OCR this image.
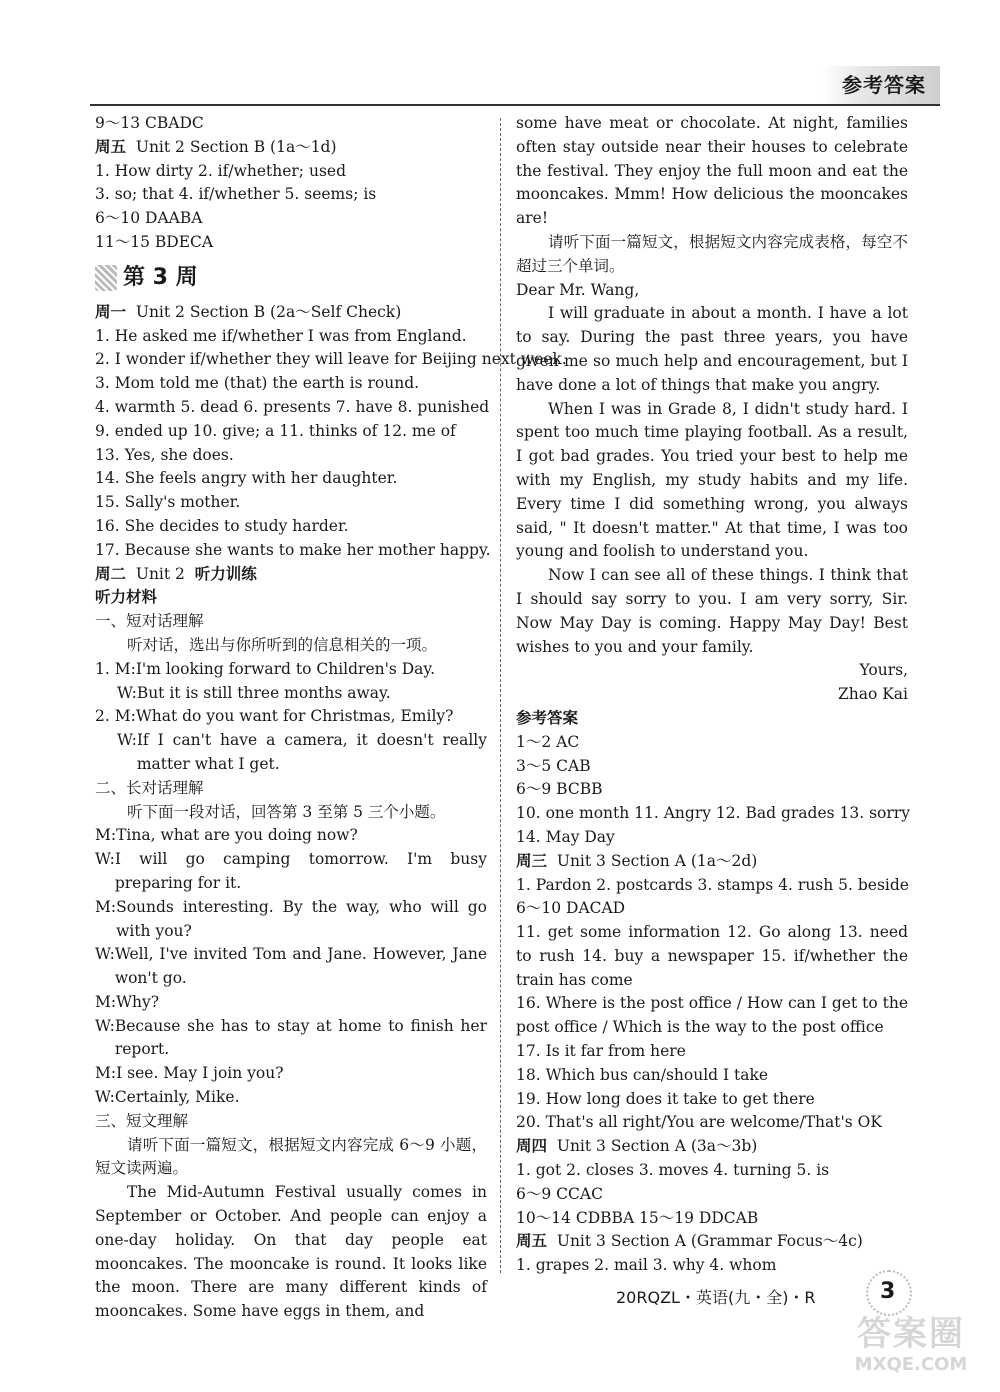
参考答案
9～13 CBADC
周五 Unit 2 Section B (1a～1d)
1. How dirty 2. if/whether; used
3. so; that 4. if/whether 5. seems; is
6～10 DAABA
11～15 BDECA
第 3 周
周一 Unit 2 Section B (2a～Self Check)
1. He asked me if/whether I was from England.
2. I wonder if/whether they will leave for Beijing next week.
3. Mom told me (that) the earth is round.
4. warmth 5. dead 6. presents 7. have 8. punished
9. ended up 10. give; a 11. thinks of 12. me of
13. Yes, she does.
14. She feels angry with her daughter.
15. Sally's mother.
16. She decides to study harder.
17. Because she wants to make her mother happy.
周二 Unit 2 听力训练
听力材料
一、短对话理解
听对话，选出与你所听到的信息相关的一项。
1. M: I'm looking forward to Children's Day.
W: But it is still three months away.
2. M: What do you want for Christmas, Emily?
W: If I can't have a camera, it doesn't really matter what I get.
二、长对话理解
听下面一段对话，回答第 3 至第 5 三个小题。
M: Tina, what are you doing now?
W: I will go camping tomorrow. I'm busy preparing for it.
M: Sounds interesting. By the way, who will go with you?
W: Well, I've invited Tom and Jane. However, Jane won't go.
M: Why?
W: Because she has to stay at home to finish her report.
M: I see. May I join you?
W: Certainly, Mike.
三、短文理解
请听下面一篇短文，根据短文内容完成 6～9 小题，短文读两遍。
The Mid-Autumn Festival usually comes in September or October. And people can enjoy a one-day holiday. On that day people eat mooncakes. The mooncake is round. It looks like the moon. There are many different kinds of mooncakes. Some have eggs in them, and
some have meat or chocolate. At night, families often stay outside near their houses to celebrate the festival. They enjoy the full moon and eat the mooncakes. Mmm! How delicious the mooncakes are!
请听下面一篇短文，根据短文内容完成表格，每空不超过三个单词。
Dear Mr. Wang,
I will graduate in about a month. I have a lot to say. During the past three years, you have given me so much help and encouragement, but I have done a lot of things that make you angry.
When I was in Grade 8, I didn't study hard. I spent too much time playing football. As a result, I got bad grades. You tried your best to help me with my English, my study habits and my life. Every time I did something wrong, you always said, " It doesn't matter." At that time, I was too young and foolish to understand you.
Now I can see all of these things. I think that I should say sorry to you. I am very sorry, Sir. Now May Day is coming. Happy May Day! Best wishes to you and your family.
Yours,
Zhao Kai
参考答案
1～2 AC
3～5 CAB
6～9 BCBB
10. one month 11. Angry 12. Bad grades 13. sorry
14. May Day
周三 Unit 3 Section A (1a～2d)
1. Pardon 2. postcards 3. stamps 4. rush 5. beside
6～10 DACAD
11. get some information 12. Go along 13. need to rush 14. buy a newspaper 15. if/whether the train has come
16. Where is the post office / How can I get to the post office / Which is the way to the post office
17. Is it far from here
18. Which bus can/should I take
19. How long does it take to get there
20. That's all right/You are welcome/That's OK
周四 Unit 3 Section A (3a～3b)
1. got 2. closes 3. moves 4. turning 5. is
6～9 CCAC
10～14 CDBBA 15～19 DDCAB
周五 Unit 3 Section A (Grammar Focus～4c)
1. grapes 2. mail 3. why 4. whom
20RQZL・英语(九・全)・R	3
答案圈
MXQE.COM
